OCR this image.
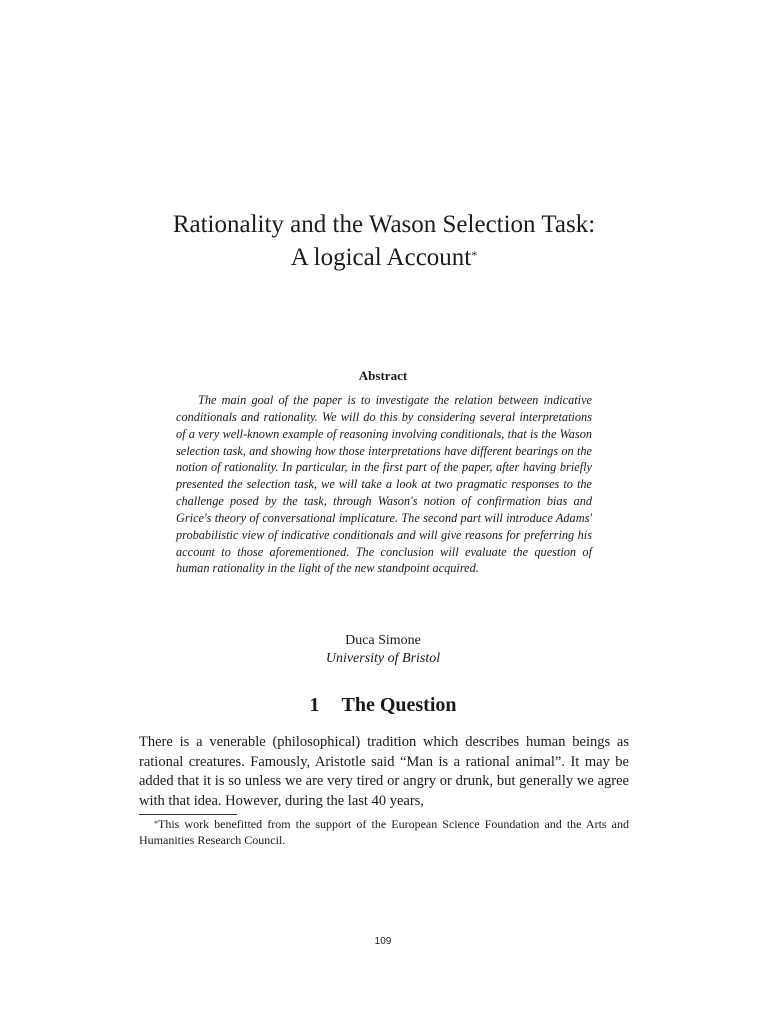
Rationality and the Wason Selection Task:
A logical Account*
Abstract

The main goal of the paper is to investigate the relation between indicative conditionals and rationality. We will do this by considering several interpretations of a very well-known example of reasoning involving conditionals, that is the Wason selection task, and showing how those interpretations have different bearings on the notion of rationality. In particular, in the first part of the paper, after having briefly presented the selection task, we will take a look at two pragmatic responses to the challenge posed by the task, through Wason's notion of confirmation bias and Grice's theory of conversational implicature. The second part will introduce Adams' probabilistic view of indicative conditionals and will give reasons for preferring his account to those aforementioned. The conclusion will evaluate the question of human rationality in the light of the new standpoint acquired.

Duca Simone
University of Bristol
1 The Question

There is a venerable (philosophical) tradition which describes human beings as rational creatures. Famously, Aristotle said “Man is a rational animal”. It may be added that it is so unless we are very tired or angry or drunk, but generally we agree with that idea. However, during the last 40 years,

*This work benefitted from the support of the European Science Foundation and the Arts and Humanities Research Council.

109
